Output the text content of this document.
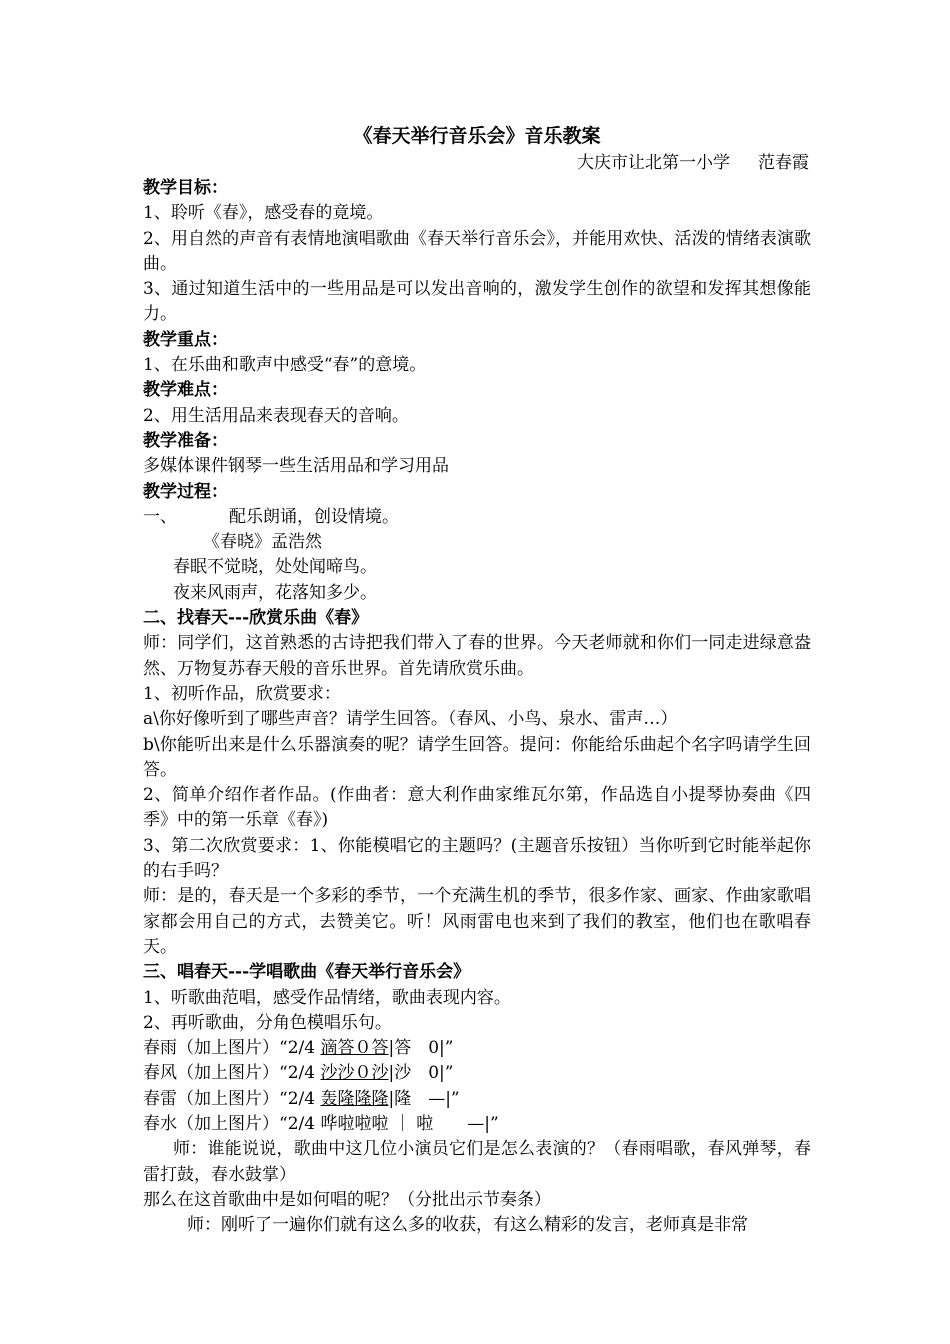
《春天举行音乐会》音乐教案
大庆市让北第一小学 范春霞
教学目标：
1、聆听《春》，感受春的竟境。
2、用自然的声音有表情地演唱歌曲《春天举行音乐会》，并能用欢快、活泼的情绪表演歌曲。
3、通过知道生活中的一些用品是可以发出音响的，激发学生创作的欲望和发挥其想像能力。
教学重点：
1、在乐曲和歌声中感受“春”的意境。
教学难点：
2、用生活用品来表现春天的音响。
教学准备：
多媒体课件钢琴一些生活用品和学习用品
教学过程：
一、	配乐朗诵，创设情境。
《春晓》孟浩然
春眠不觉晓，处处闻啼鸟。
夜来风雨声，花落知多少。
二、找春天---欣赏乐曲《春》
师：同学们，这首熟悉的古诗把我们带入了春的世界。今天老师就和你们一同走进绿意盎然、万物复苏春天般的音乐世界。首先请欣赏乐曲。
1、初听作品，欣赏要求：
a\你好像听到了哪些声音？请学生回答。（春风、小鸟、泉水、雷声…）
b\你能听出来是什么乐器演奏的呢？请学生回答。提问：你能给乐曲起个名字吗请学生回答。
2、简单介绍作者作品。(作曲者：意大利作曲家维瓦尔第，作品选自小提琴协奏曲《四季》中的第一乐章《春》)
3、第二次欣赏要求：1、你能模唱它的主题吗？(主题音乐按钮）当你听到它时能举起你的右手吗？
师：是的，春天是一个多彩的季节，一个充满生机的季节，很多作家、画家、作曲家歌唱家都会用自己的方式，去赞美它。听！风雨雷电也来到了我们的教室，他们也在歌唱春天。
三、唱春天---学唱歌曲《春天举行音乐会》
1、听歌曲范唱，感受作品情绪，歌曲表现内容。
2、再听歌曲，分角色模唱乐句。
春雨（加上图片）“2/4 滴答０答|答　0|”
春风（加上图片）“2/4 沙沙０沙|沙　0|”
春雷（加上图片）“2/4 轰隆隆隆|隆　—|”
春水（加上图片）“2/4 哗啦啦啦 ｜ 啦　　—|”
师：谁能说说，歌曲中这几位小演员它们是怎么表演的？（春雨唱歌，春风弹琴，春雷打鼓，春水鼓掌）
那么在这首歌曲中是如何唱的呢？（分批出示节奏条）
师：刚听了一遍你们就有这么多的收获，有这么精彩的发言，老师真是非常
